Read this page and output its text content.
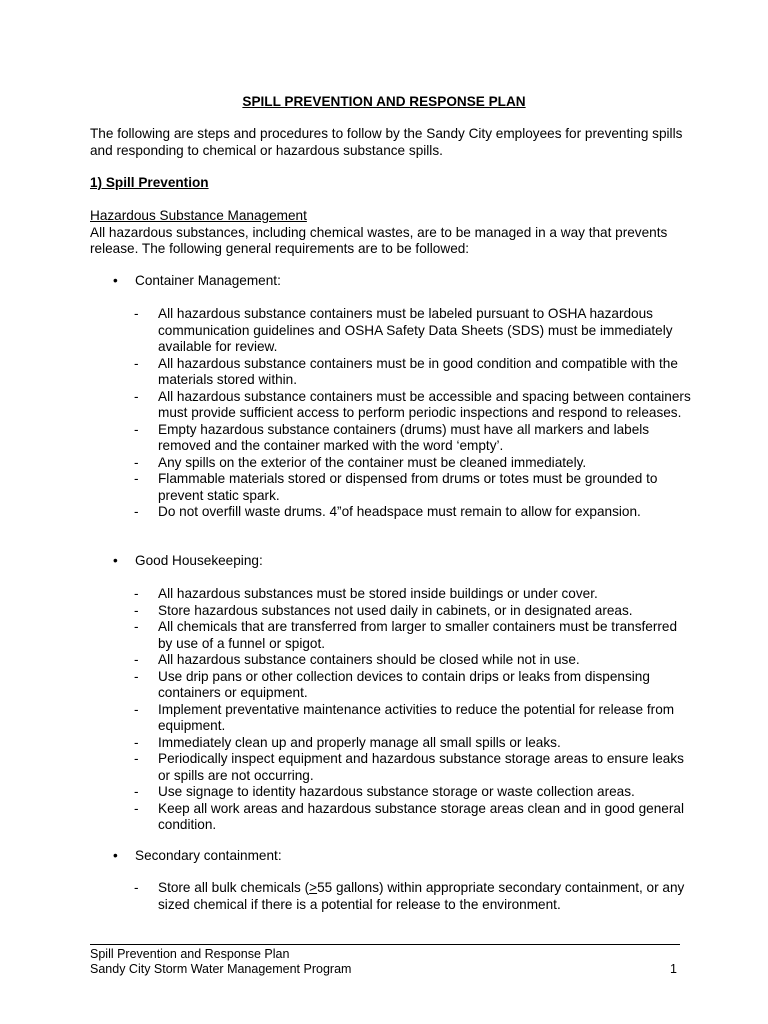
SPILL PREVENTION AND RESPONSE PLAN
The following are steps and procedures to follow by the Sandy City employees for preventing spills and responding to chemical or hazardous substance spills.
1) Spill Prevention
Hazardous Substance Management
All hazardous substances, including chemical wastes, are to be managed in a way that prevents release. The following general requirements are to be followed:
• Container Management:
- All hazardous substance containers must be labeled pursuant to OSHA hazardous communication guidelines and OSHA Safety Data Sheets (SDS) must be immediately available for review.
- All hazardous substance containers must be in good condition and compatible with the materials stored within.
- All hazardous substance containers must be accessible and spacing between containers must provide sufficient access to perform periodic inspections and respond to releases.
- Empty hazardous substance containers (drums) must have all markers and labels removed and the container marked with the word ‘empty’.
- Any spills on the exterior of the container must be cleaned immediately.
- Flammable materials stored or dispensed from drums or totes must be grounded to prevent static spark.
- Do not overfill waste drums. 4”of headspace must remain to allow for expansion.
• Good Housekeeping:
- All hazardous substances must be stored inside buildings or under cover.
- Store hazardous substances not used daily in cabinets, or in designated areas.
- All chemicals that are transferred from larger to smaller containers must be transferred by use of a funnel or spigot.
- All hazardous substance containers should be closed while not in use.
- Use drip pans or other collection devices to contain drips or leaks from dispensing containers or equipment.
- Implement preventative maintenance activities to reduce the potential for release from equipment.
- Immediately clean up and properly manage all small spills or leaks.
- Periodically inspect equipment and hazardous substance storage areas to ensure leaks or spills are not occurring.
- Use signage to identity hazardous substance storage or waste collection areas.
- Keep all work areas and hazardous substance storage areas clean and in good general condition.
• Secondary containment:
- Store all bulk chemicals (≥55 gallons) within appropriate secondary containment, or any sized chemical if there is a potential for release to the environment.
Spill Prevention and Response Plan
Sandy City Storm Water Management Program	1
